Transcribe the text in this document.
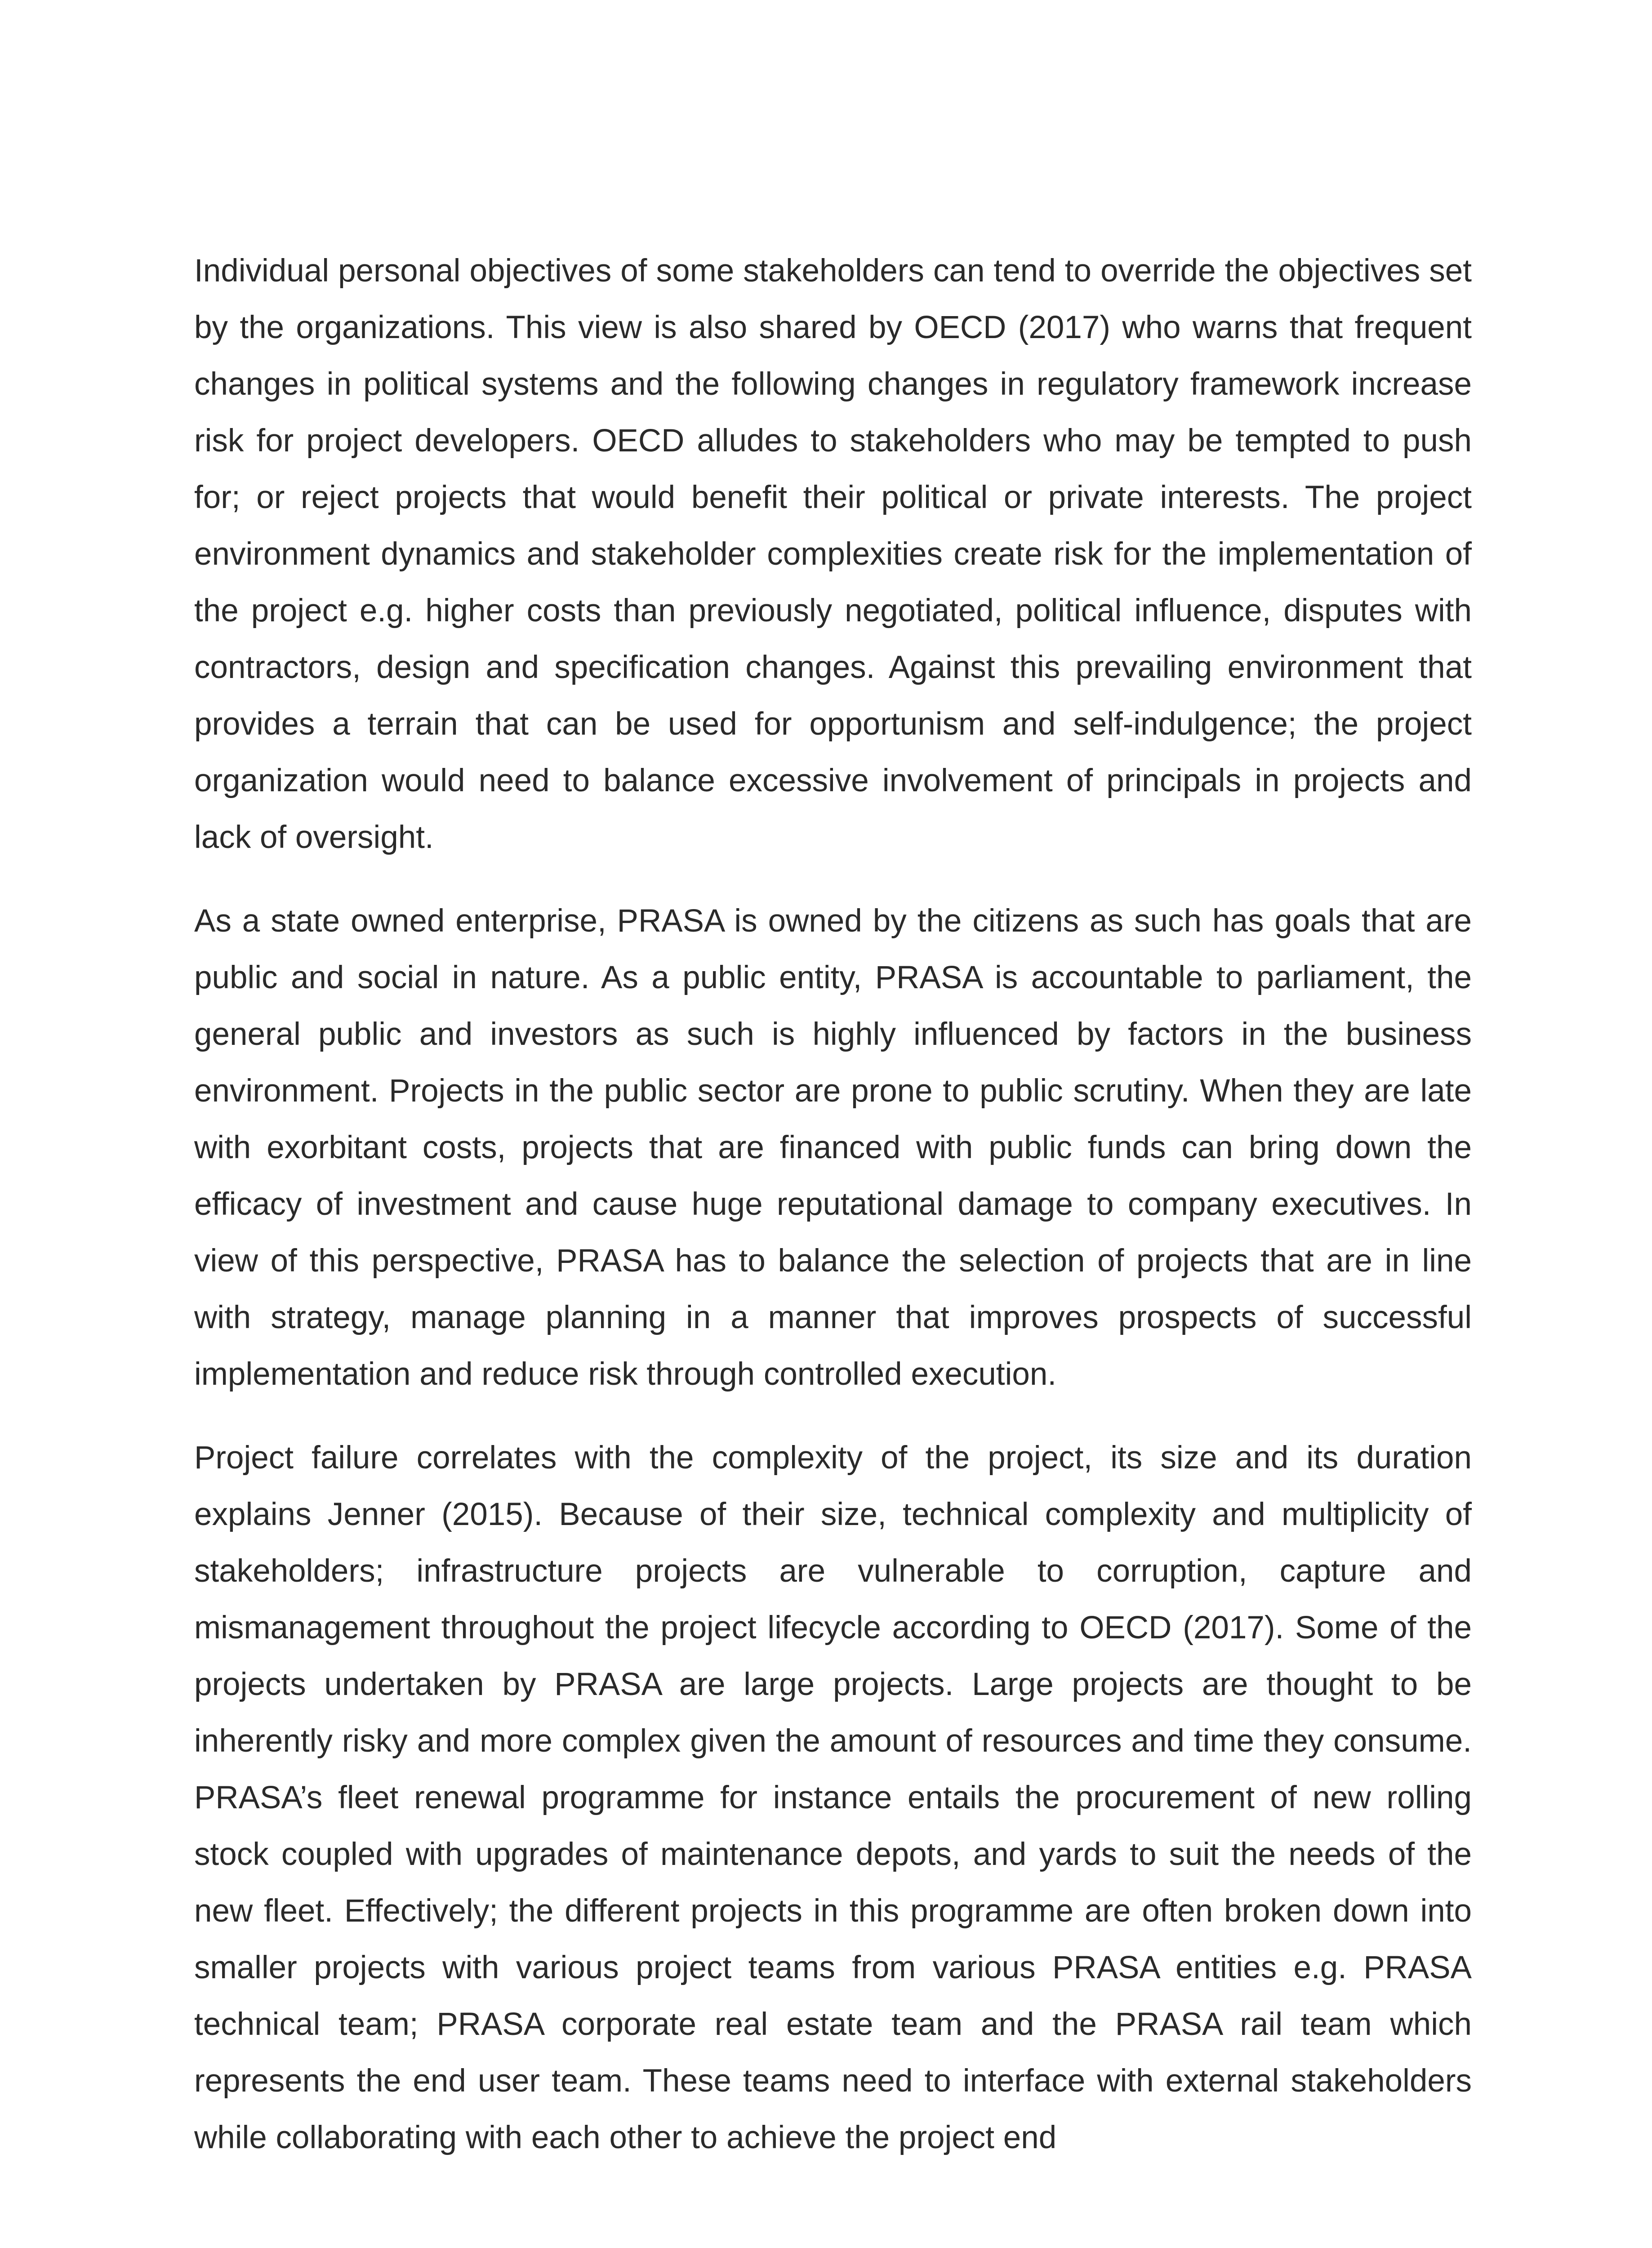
Individual personal objectives of some stakeholders can tend to override the objectives set by the organizations. This view is also shared by OECD (2017) who warns that frequent changes in political systems and the following changes in regulatory framework increase risk for project developers. OECD alludes to stakeholders who may be tempted to push for; or reject projects that would benefit their political or private interests. The project environment dynamics and stakeholder complexities create risk for the implementation of the project e.g. higher costs than previously negotiated, political influence, disputes with contractors, design and specification changes. Against this prevailing environment that provides a terrain that can be used for opportunism and self-indulgence; the project organization would need to balance excessive involvement of principals in projects and lack of oversight.

As a state owned enterprise, PRASA is owned by the citizens as such has goals that are public and social in nature. As a public entity, PRASA is accountable to parliament, the general public and investors as such is highly influenced by factors in the business environment. Projects in the public sector are prone to public scrutiny. When they are late with exorbitant costs, projects that are financed with public funds can bring down the efficacy of investment and cause huge reputational damage to company executives. In view of this perspective, PRASA has to balance the selection of projects that are in line with strategy, manage planning in a manner that improves prospects of successful implementation and reduce risk through controlled execution.

Project failure correlates with the complexity of the project, its size and its duration explains Jenner (2015). Because of their size, technical complexity and multiplicity of stakeholders; infrastructure projects are vulnerable to corruption, capture and mismanagement throughout the project lifecycle according to OECD (2017). Some of the projects undertaken by PRASA are large projects. Large projects are thought to be inherently risky and more complex given the amount of resources and time they consume. PRASA’s fleet renewal programme for instance entails the procurement of new rolling stock coupled with upgrades of maintenance depots, and yards to suit the needs of the new fleet. Effectively; the different projects in this programme are often broken down into smaller projects with various project teams from various PRASA entities e.g. PRASA technical team; PRASA corporate real estate team and the PRASA rail team which represents the end user team. These teams need to interface with external stakeholders while collaborating with each other to achieve the project end
